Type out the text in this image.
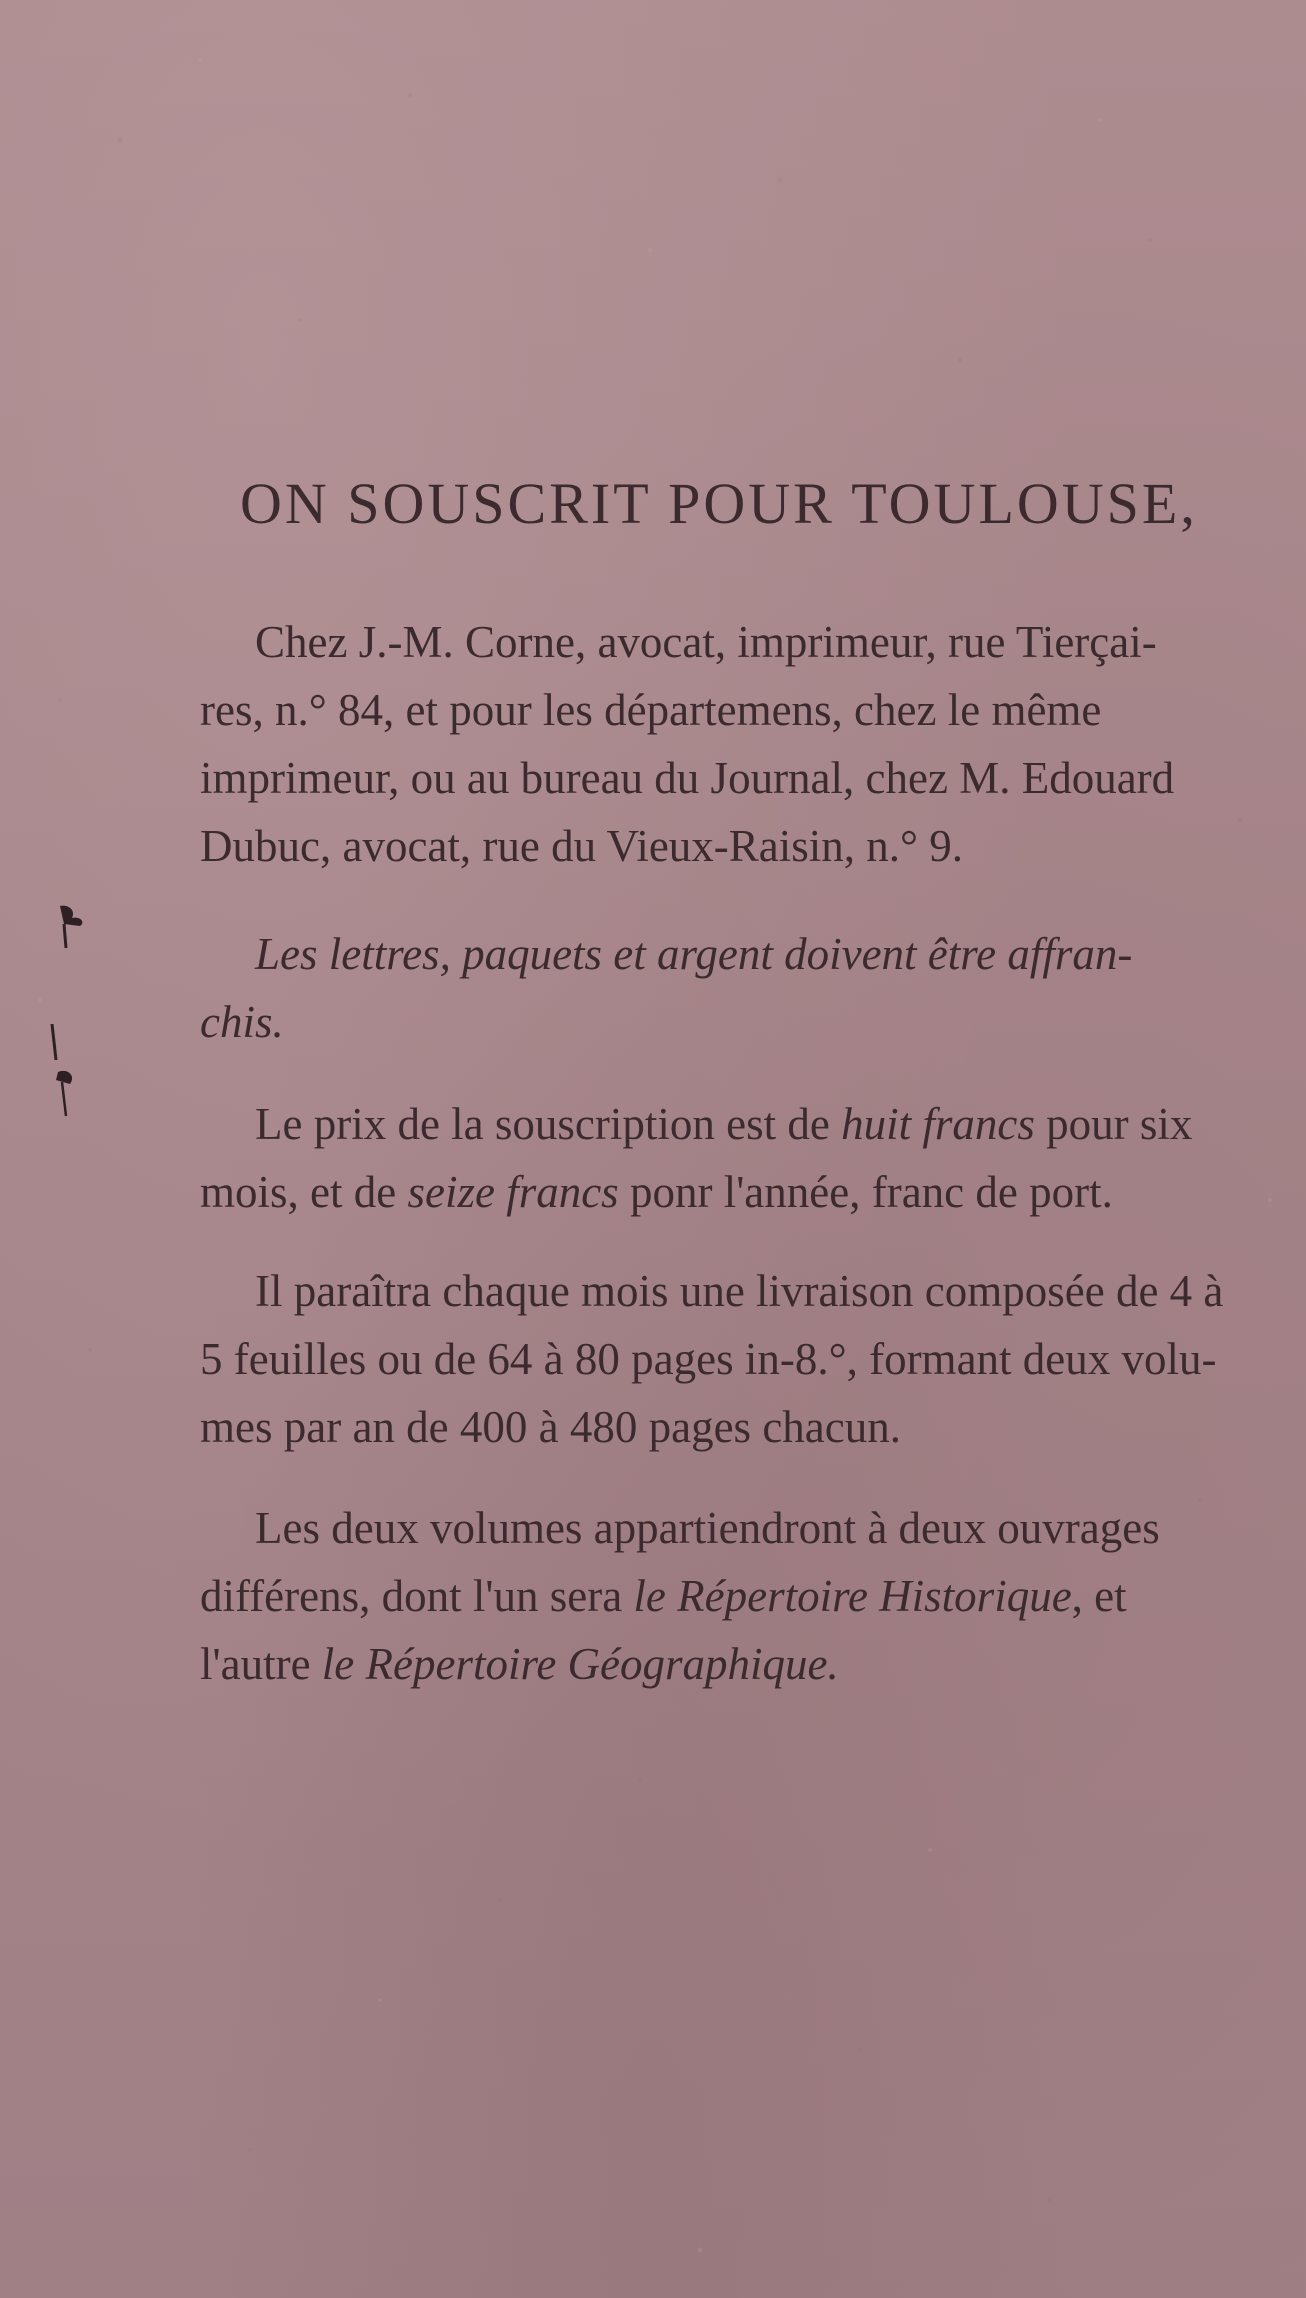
ON SOUSCRIT POUR TOULOUSE,
Chez J.-M. Corne, avocat, imprimeur, rue Tierçai-
res, n.° 84, et pour les départemens, chez le même
imprimeur, ou au bureau du Journal, chez M. Edouard
Dubuc, avocat, rue du Vieux-Raisin, n.° 9.
Les lettres, paquets et argent doivent être affran-
chis.
Le prix de la souscription est de huit francs pour six
mois, et de seize francs ponr l'année, franc de port.
Il paraîtra chaque mois une livraison composée de 4 à
5 feuilles ou de 64 à 80 pages in-8.°, formant deux volu-
mes par an de 400 à 480 pages chacun.
Les deux volumes appartiendront à deux ouvrages
différens, dont l'un sera le Répertoire Historique, et
l'autre le Répertoire Géographique.
